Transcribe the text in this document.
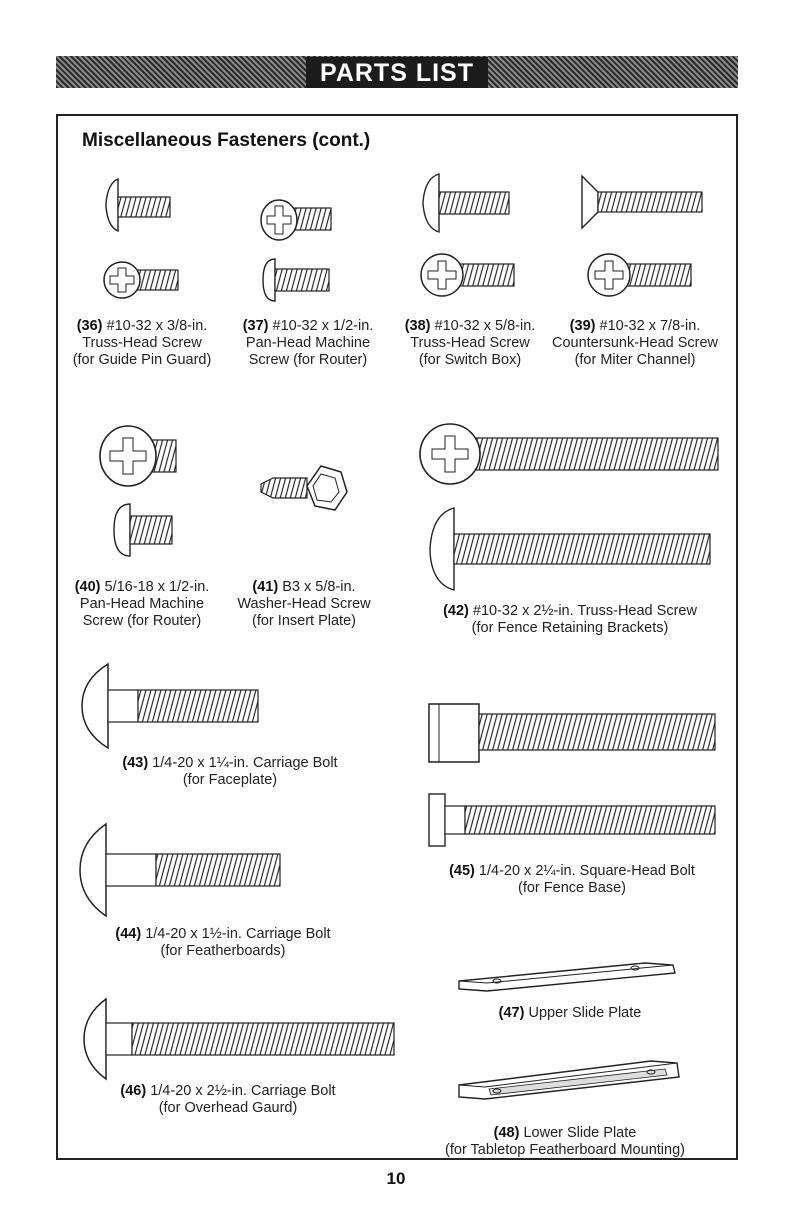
PARTS LIST
Miscellaneous Fasteners (cont.)
(36) #10-32 x 3/8-in.
Truss-Head Screw
(for Guide Pin Guard)
(37) #10-32 x 1/2-in.
Pan-Head Machine
Screw (for Router)
(38) #10-32 x 5/8-in.
Truss-Head Screw
(for Switch Box)
(39) #10-32 x 7/8-in.
Countersunk-Head Screw
(for Miter Channel)
(40) 5/16-18 x 1/2-in.
Pan-Head Machine
Screw (for Router)
(41) B3 x 5/8-in.
Washer-Head Screw
(for Insert Plate)
(42) #10-32 x 2½-in. Truss-Head Screw
(for Fence Retaining Brackets)
(43) 1/4-20 x 1¼-in. Carriage Bolt
(for Faceplate)
(45) 1/4-20 x 2¼-in. Square-Head Bolt
(for Fence Base)
(44) 1/4-20 x 1½-in. Carriage Bolt
(for Featherboards)
(47) Upper Slide Plate
(46) 1/4-20 x 2½-in. Carriage Bolt
(for Overhead Gaurd)
(48) Lower Slide Plate
(for Tabletop Featherboard Mounting)
10
